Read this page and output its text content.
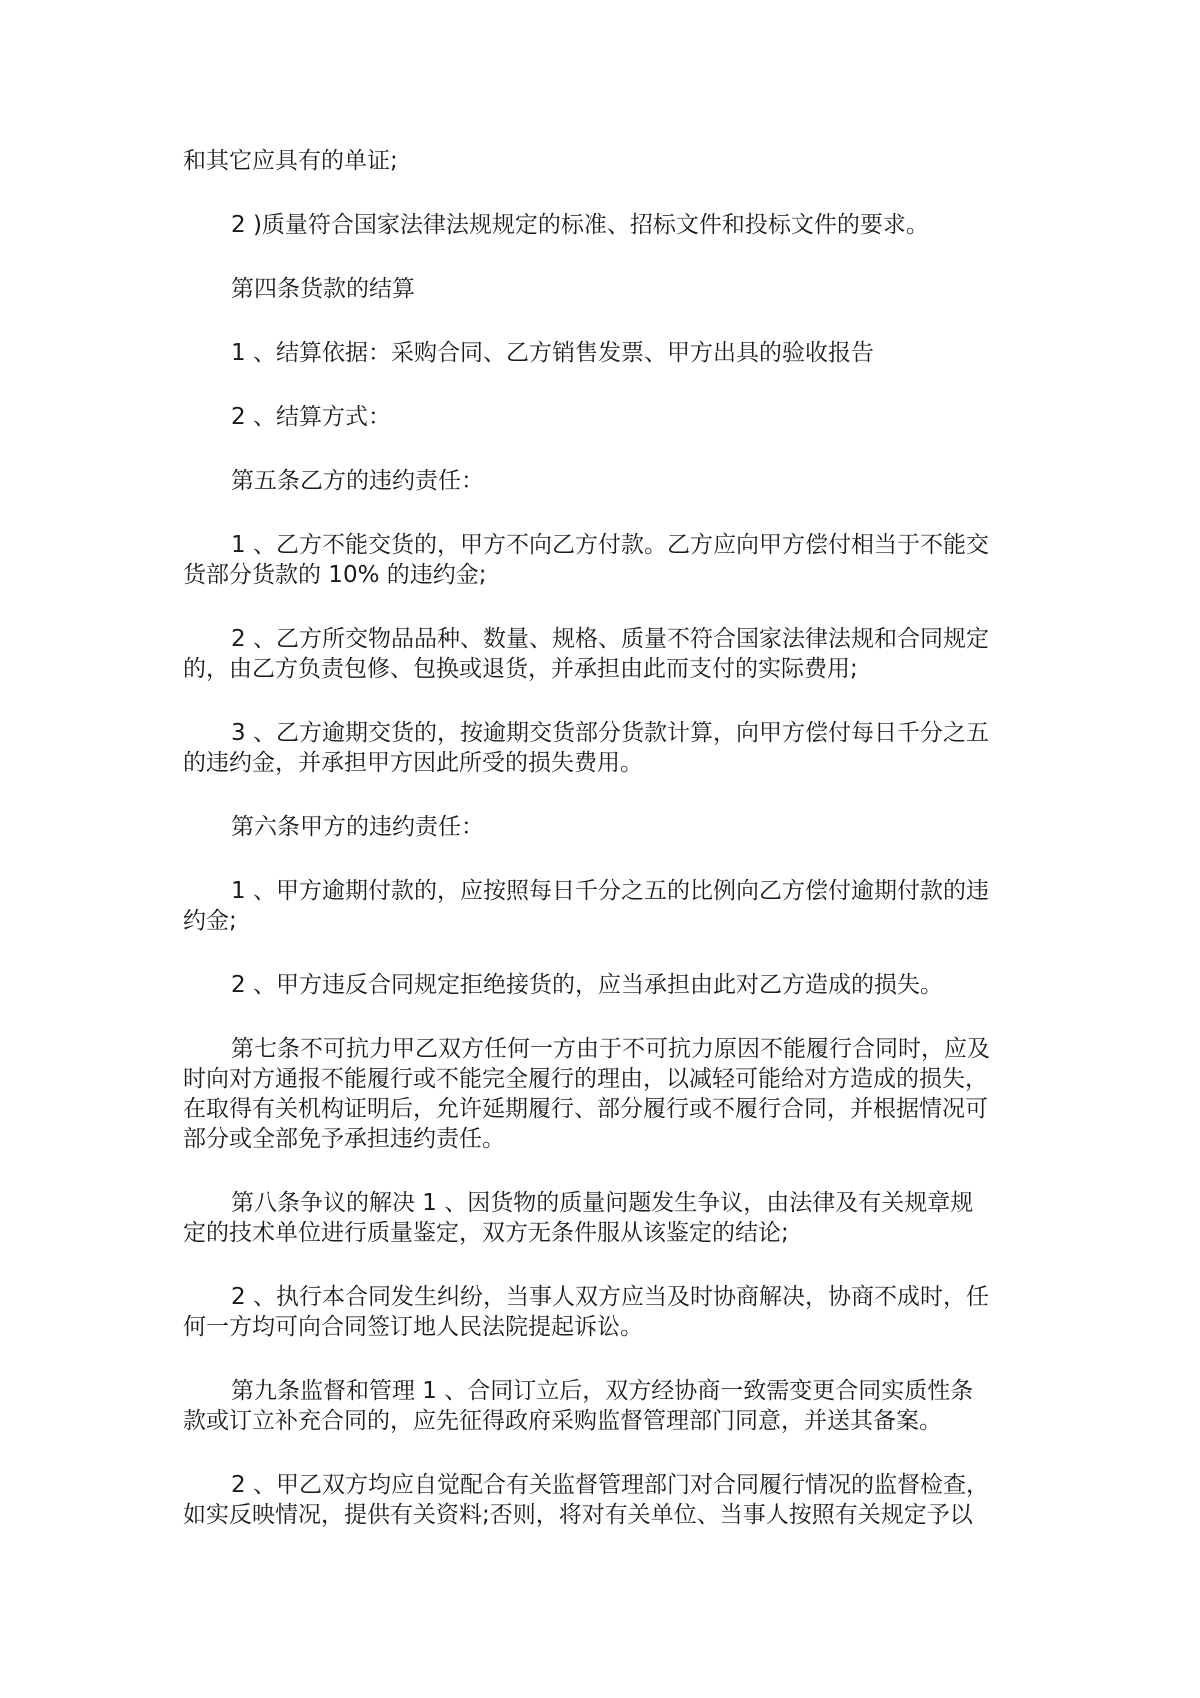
和其它应具有的单证;
2 )质量符合国家法律法规规定的标准、招标文件和投标文件的要求。
第四条货款的结算
1 、结算依据：采购合同、乙方销售发票、甲方出具的验收报告
2 、结算方式：
第五条乙方的违约责任：
1 、乙方不能交货的，甲方不向乙方付款。乙方应向甲方偿付相当于不能交
货部分货款的 10% 的违约金;
2 、乙方所交物品品种、数量、规格、质量不符合国家法律法规和合同规定
的，由乙方负责包修、包换或退货，并承担由此而支付的实际费用;
3 、乙方逾期交货的，按逾期交货部分货款计算，向甲方偿付每日千分之五
的违约金，并承担甲方因此所受的损失费用。
第六条甲方的违约责任：
1 、甲方逾期付款的，应按照每日千分之五的比例向乙方偿付逾期付款的违
约金;
2 、甲方违反合同规定拒绝接货的，应当承担由此对乙方造成的损失。
第七条不可抗力甲乙双方任何一方由于不可抗力原因不能履行合同时，应及
时向对方通报不能履行或不能完全履行的理由，以减轻可能给对方造成的损失，
在取得有关机构证明后，允许延期履行、部分履行或不履行合同，并根据情况可
部分或全部免予承担违约责任。
第八条争议的解决 1 、因货物的质量问题发生争议，由法律及有关规章规
定的技术单位进行质量鉴定，双方无条件服从该鉴定的结论;
2 、执行本合同发生纠纷，当事人双方应当及时协商解决，协商不成时，任
何一方均可向合同签订地人民法院提起诉讼。
第九条监督和管理 1 、合同订立后，双方经协商一致需变更合同实质性条
款或订立补充合同的，应先征得政府采购监督管理部门同意，并送其备案。
2 、甲乙双方均应自觉配合有关监督管理部门对合同履行情况的监督检查，
如实反映情况，提供有关资料;否则，将对有关单位、当事人按照有关规定予以
